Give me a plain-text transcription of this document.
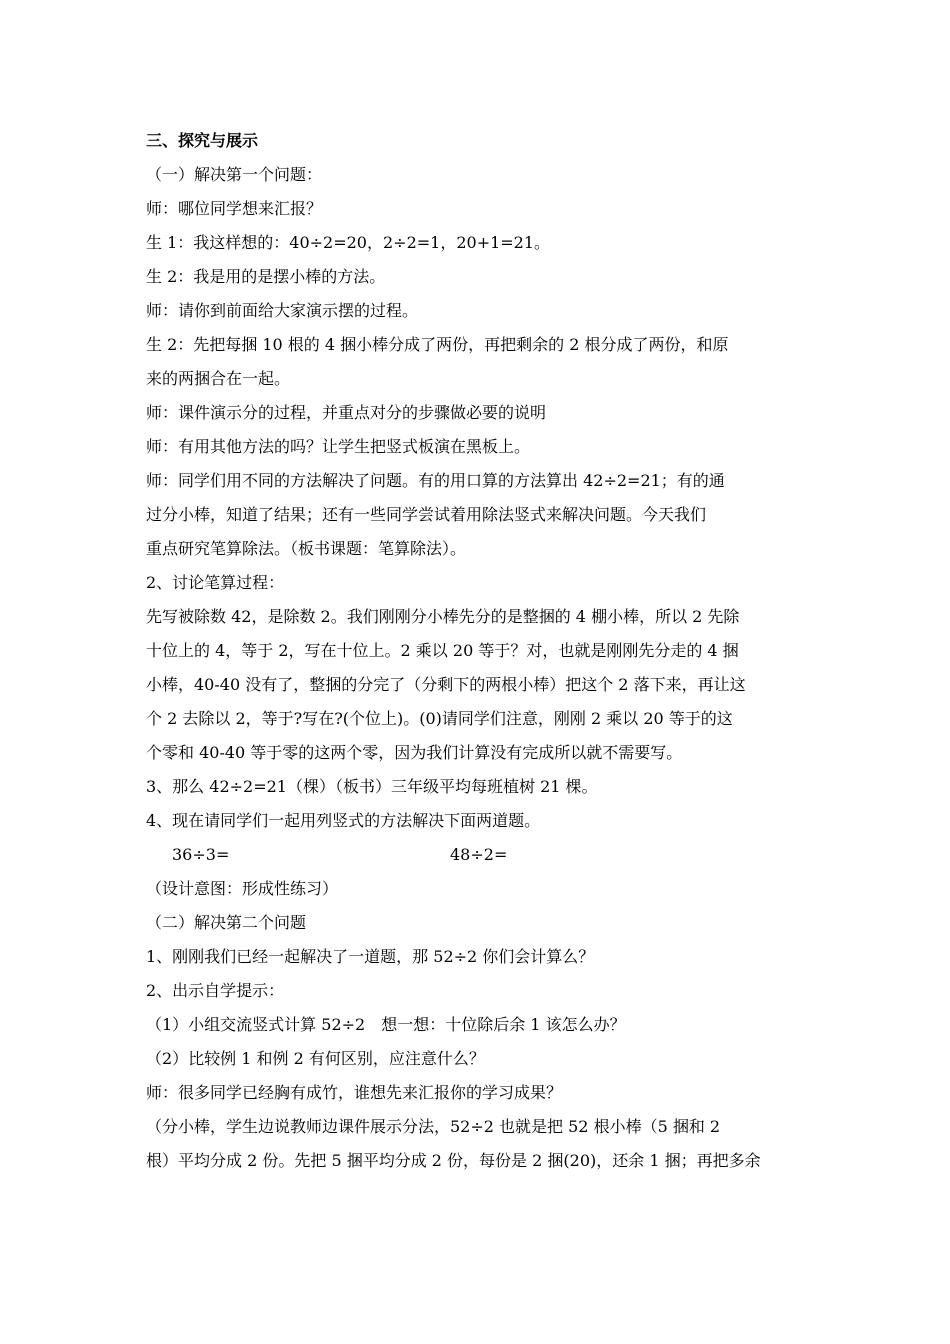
三、探究与展示
（一）解决第一个问题：
师：哪位同学想来汇报？
生 1：我这样想的：40÷2=20，2÷2=1，20+1=21。
生 2：我是用的是摆小棒的方法。
师：请你到前面给大家演示摆的过程。
生 2：先把每捆 10 根的 4 捆小棒分成了两份，再把剩余的 2 根分成了两份，和原
来的两捆合在一起。
师：课件演示分的过程，并重点对分的步骤做必要的说明
师：有用其他方法的吗？让学生把竖式板演在黑板上。
师：同学们用不同的方法解决了问题。有的用口算的方法算出 42÷2=21；有的通
过分小棒，知道了结果；还有一些同学尝试着用除法竖式来解决问题。今天我们
重点研究笔算除法。（板书课题：笔算除法）。
2、讨论笔算过程：
先写被除数 42，是除数 2。我们刚刚分小棒先分的是整捆的 4 棚小棒，所以 2 先除
十位上的 4，等于 2，写在十位上。2 乘以 20 等于？对，也就是刚刚先分走的 4 捆
小棒，40-40 没有了，整捆的分完了（分剩下的两根小棒）把这个 2 落下来，再让这
个 2 去除以 2，等于?写在?(个位上)。(0)请同学们注意，刚刚 2 乘以 20 等于的这
个零和 40-40 等于零的这两个零，因为我们计算没有完成所以就不需要写。
3、那么 42÷2=21（棵）（板书）三年级平均每班植树 21 棵。
4、现在请同学们一起用列竖式的方法解决下面两道题。
36÷3=	48÷2=
（设计意图：形成性练习）
（二）解决第二个问题
1、刚刚我们已经一起解决了一道题，那 52÷2 你们会计算么？
2、出示自学提示：
（1）小组交流竖式计算 52÷2　想一想：十位除后余 1 该怎么办？
（2）比较例 1 和例 2 有何区别，应注意什么？
师：很多同学已经胸有成竹，谁想先来汇报你的学习成果？
（分小棒，学生边说教师边课件展示分法，52÷2 也就是把 52 根小棒（5 捆和 2
根）平均分成 2 份。先把 5 捆平均分成 2 份，每份是 2 捆(20)，还余 1 捆；再把多余
